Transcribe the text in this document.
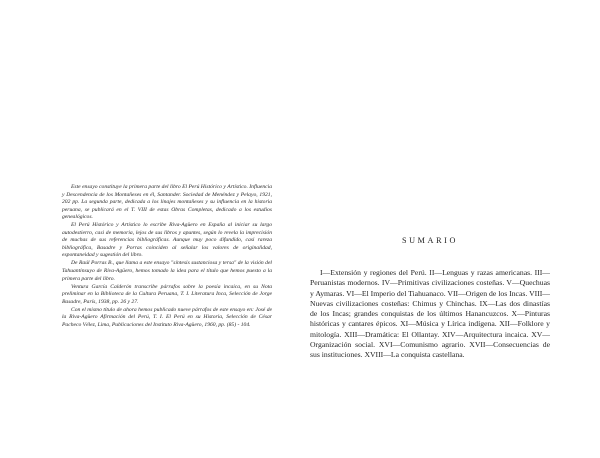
Este ensayo constituye la primera parte del libro El Perú Histórico y Artístico. Influencia y Descendencia de los Montañeses en él, Santander. Sociedad de Menéndez y Pelayo, 1921, 202 pp. La segunda parte, dedicada a los linajes montañeses y su influencia en la historia peruana, se publicará en el T. VIII de estas Obras Completas, dedicado a los estudios genealógicos.

El Perú Histórico y Artístico lo escribe Riva-Agüero en España al iniciar su largo autodestierro, casi de memoria, lejos de sus libros y apuntes, según lo revela la imprecisión de muchas de sus referencias bibliográficas. Aunque muy poco difundido, casi rareza bibliográfica, Basadre y Porras coinciden al señalar los valores de originalidad, espontaneidad y sugestión del libro.

De Raúl Porras B., que llama a este ensayo "síntesis sustanciosa y tersa" de la visión del Tahuantinsuyo de Riva-Agüero, hemos tomado la idea para el título que hemos puesto a la primera parte del libro.

Ventura García Calderón transcribe párrafos sobre la poesía incaica, en su Nota preliminar en la Biblioteca de la Cultura Peruana, T. I. Literatura Inca, Selección de Jorge Basadre, París, 1938, pp. 26 y 27.

Con el mismo título de ahora hemos publicado nueve párrafos de este ensayo en: José de la Riva-Agüero Afirmación del Perú, T. I. El Perú en su Historia, Selección de César Pacheco Vélez, Lima, Publicaciones del Instituto Riva-Agüero, 1960, pp. (85) - 104.

SUMARIO

I—Extensión y regiones del Perú. II—Lenguas y razas americanas. III—Peruanistas modernos. IV—Primitivas civilizaciones costeñas. V—Quechuas y Aymaras. VI—El Imperio del Tiahuanaco. VII—Origen de los Incas. VIII—Nuevas civilizaciones costeñas: Chimus y Chinchas. IX—Las dos dinastías de los Incas; grandes conquistas de los últimos Hanancuzcos. X—Pinturas históricas y cantares épicos. XI—Música y Lírica indígena. XII—Folklore y mitología. XIII—Dramática: El Ollantay. XIV—Arquitectura incaica. XV—Organización social. XVI—Comunismo agrario. XVII—Consecuencias de sus instituciones. XVIII—La conquista castellana.
